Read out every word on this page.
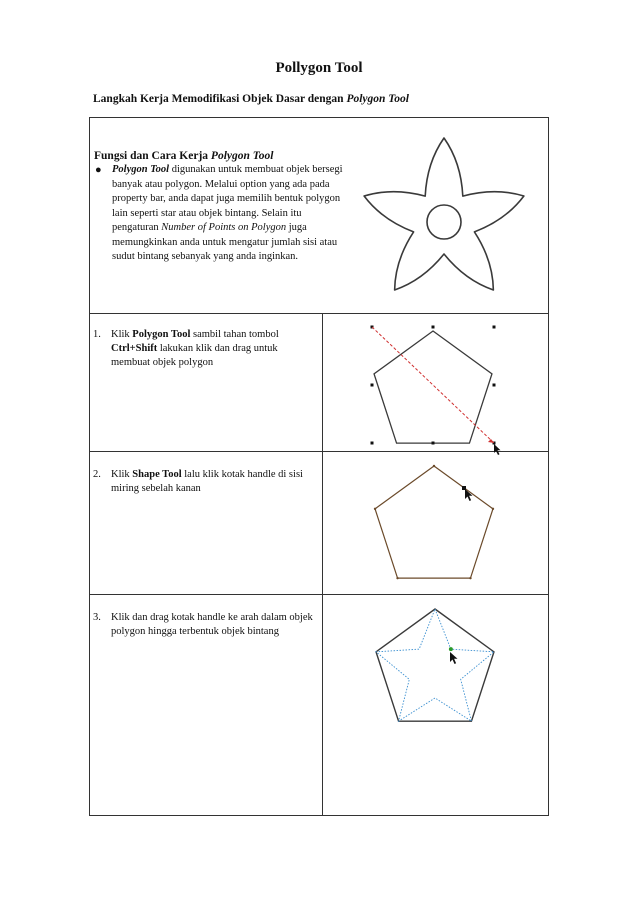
Pollygon Tool
Langkah Kerja Memodifikasi Objek Dasar dengan Polygon Tool
Fungsi dan Cara Kerja Polygon Tool
● Polygon Tool digunakan untuk membuat objek bersegi banyak atau polygon. Melalui option yang ada pada property bar, anda dapat juga memilih bentuk polygon lain seperti star atau objek bintang. Selain itu pengaturan Number of Points on Polygon juga memungkinkan anda untuk mengatur jumlah sisi atau sudut bintang sebanyak yang anda inginkan.
1. Klik Polygon Tool sambil tahan tombol Ctrl+Shift lakukan klik dan drag untuk membuat objek polygon
2. Klik Shape Tool lalu klik kotak handle di sisi miring sebelah kanan
3. Klik dan drag kotak handle ke arah dalam objek polygon hingga terbentuk objek bintang
